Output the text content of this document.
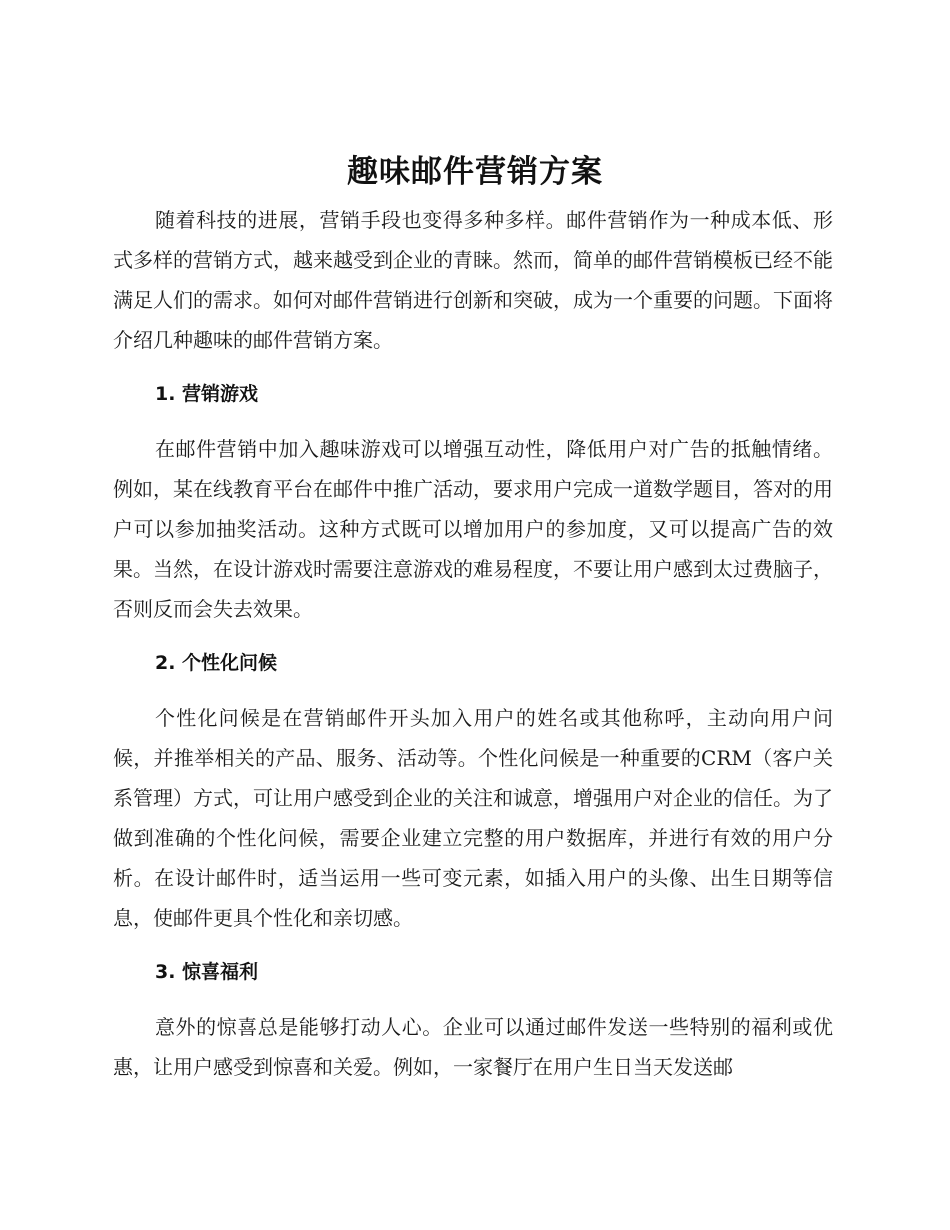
趣味邮件营销方案

随着科技的进展，营销手段也变得多种多样。邮件营销作为一种成本低、形式多样的营销方式，越来越受到企业的青睐。然而，简单的邮件营销模板已经不能满足人们的需求。如何对邮件营销进行创新和突破，成为一个重要的问题。下面将介绍几种趣味的邮件营销方案。

1. 营销游戏

在邮件营销中加入趣味游戏可以增强互动性，降低用户对广告的抵触情绪。例如，某在线教育平台在邮件中推广活动，要求用户完成一道数学题目，答对的用户可以参加抽奖活动。这种方式既可以增加用户的参加度，又可以提高广告的效果。当然，在设计游戏时需要注意游戏的难易程度，不要让用户感到太过费脑子，否则反而会失去效果。

2. 个性化问候

个性化问候是在营销邮件开头加入用户的姓名或其他称呼，主动向用户问候，并推举相关的产品、服务、活动等。个性化问候是一种重要的CRM（客户关系管理）方式，可让用户感受到企业的关注和诚意，增强用户对企业的信任。为了做到准确的个性化问候，需要企业建立完整的用户数据库，并进行有效的用户分析。在设计邮件时，适当运用一些可变元素，如插入用户的头像、出生日期等信息，使邮件更具个性化和亲切感。

3. 惊喜福利

意外的惊喜总是能够打动人心。企业可以通过邮件发送一些特别的福利或优惠，让用户感受到惊喜和关爱。例如，一家餐厅在用户生日当天发送邮
